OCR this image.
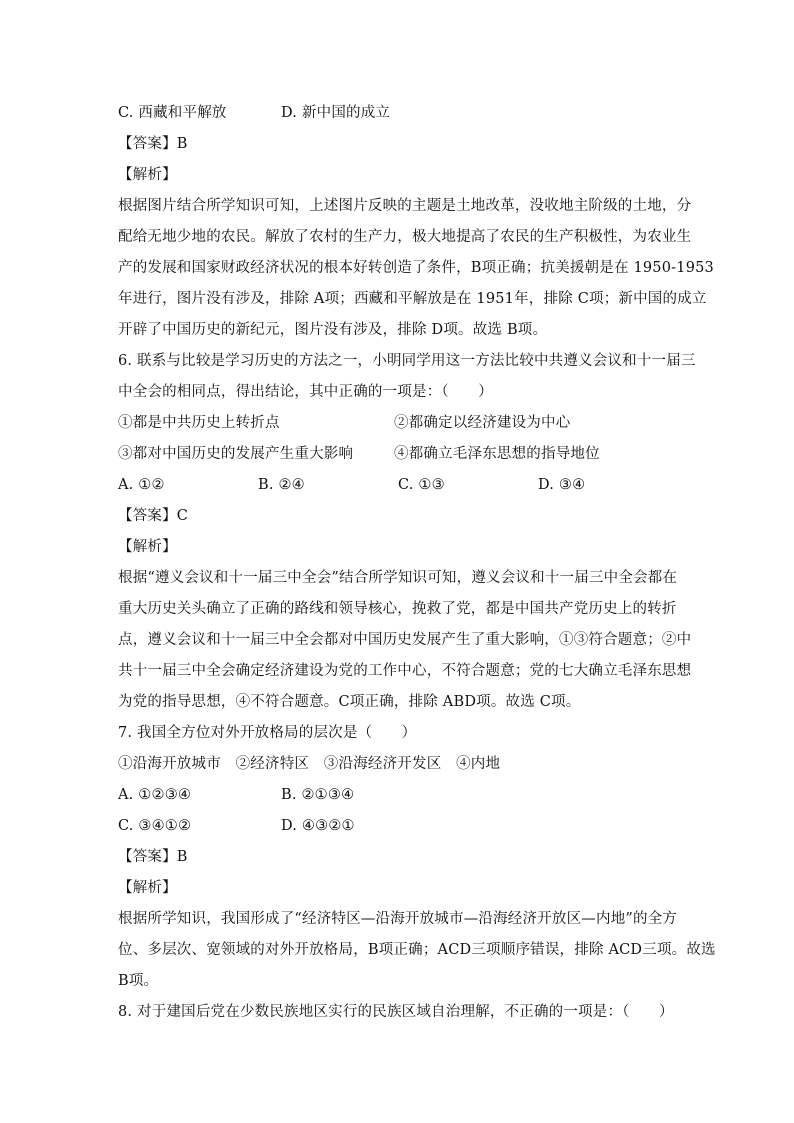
C. 西藏和平解放	D. 新中国的成立
【答案】B
【解析】
根据图片结合所学知识可知，上述图片反映的主题是土地改革，没收地主阶级的土地，分
配给无地少地的农民。解放了农村的生产力，极大地提高了农民的生产积极性，为农业生
产的发展和国家财政经济状况的根本好转创造了条件，B项正确；抗美援朝是在 1950-1953
年进行，图片没有涉及，排除 A项；西藏和平解放是在 1951年，排除 C项；新中国的成立
开辟了中国历史的新纪元，图片没有涉及，排除 D项。故选 B项。
6. 联系与比较是学习历史的方法之一，小明同学用这一方法比较中共遵义会议和十一届三
中全会的相同点，得出结论，其中正确的一项是：（　　）
①都是中共历史上转折点	②都确定以经济建设为中心
③都对中国历史的发展产生重大影响	④都确立毛泽东思想的指导地位
A. ①②	B. ②④	C. ①③	D. ③④
【答案】C
【解析】
根据“遵义会议和十一届三中全会”结合所学知识可知，遵义会议和十一届三中全会都在
重大历史关头确立了正确的路线和领导核心，挽救了党，都是中国共产党历史上的转折
点，遵义会议和十一届三中全会都对中国历史发展产生了重大影响，①③符合题意；②中
共十一届三中全会确定经济建设为党的工作中心，不符合题意；党的七大确立毛泽东思想
为党的指导思想，④不符合题意。C项正确，排除 ABD项。故选 C项。
7. 我国全方位对外开放格局的层次是（　　）
①沿海开放城市　②经济特区　③沿海经济开发区　④内地
A. ①②③④	B. ②①③④
C. ③④①②	D. ④③②①
【答案】B
【解析】
根据所学知识，我国形成了“经济特区—沿海开放城市—沿海经济开放区—内地”的全方
位、多层次、宽领域的对外开放格局，B项正确；ACD三项顺序错误，排除 ACD三项。故选
B项。
8. 对于建国后党在少数民族地区实行的民族区域自治理解，不正确的一项是：（　　）
